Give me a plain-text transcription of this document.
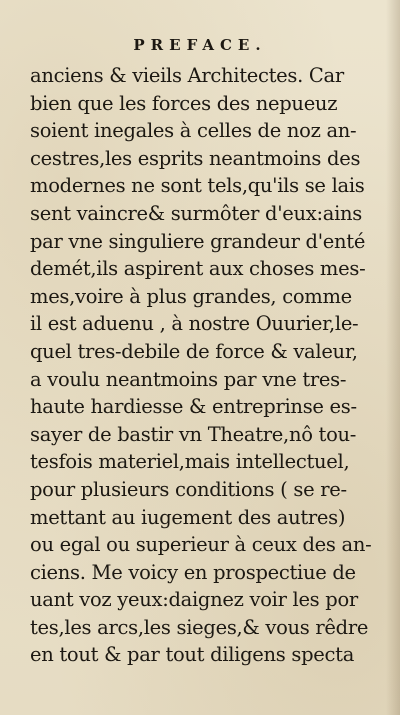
PREFACE.
anciens & vieils Architectes. Car
bien que les forces des nepueuz
soient inegales à celles de noz an-
cestres,les esprits neantmoins des
modernes ne sont tels,qu'ils se lais
sent vaincre& surmôter d'eux:ains
par vne singuliere grandeur d'enté
demét,ils aspirent aux choses mes-
mes,voire à plus grandes, comme
il est aduenu , à nostre Ouurier,le-
quel tres-debile de force & valeur,
a voulu neantmoins par vne tres-
haute hardiesse & entreprinse es-
sayer de bastir vn Theatre,nô tou-
tesfois materiel,mais intellectuel,
pour plusieurs conditions ( se re-
mettant au iugement des autres)
ou egal ou superieur à ceux des an-
ciens. Me voicy en prospectiue de
uant voz yeux:daignez voir les por
tes,les arcs,les sieges,& vous rêdre
en tout & par tout diligens specta
